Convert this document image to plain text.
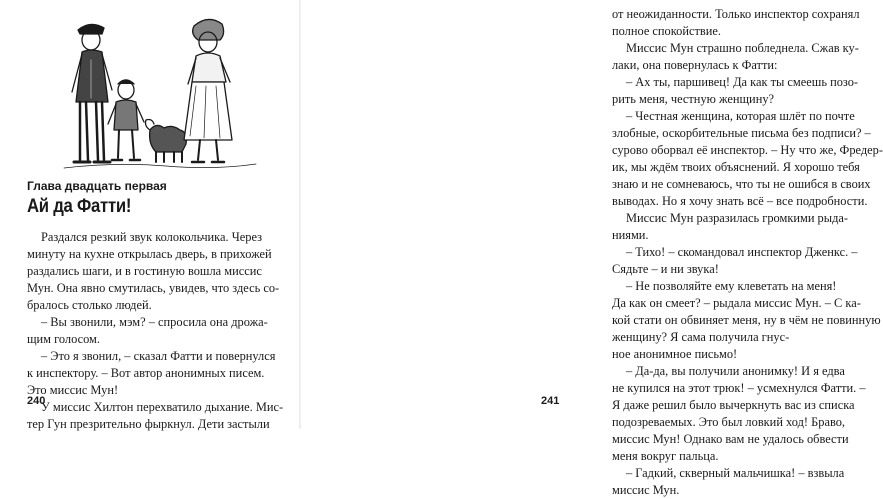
Глава двадцать первая
Ай да Фатти!
Раздался резкий звук колокольчика. Через
минуту на кухне открылась дверь, в прихожей
раздались шаги, и в гостиную вошла миссис
Мун. Она явно смутилась, увидев, что здесь со-
бралось столько людей.
– Вы звонили, мэм? – спросила она дрожа-
щим голосом.
– Это я звонил, – сказал Фатти и повернулся
к инспектору. – Вот автор анонимных писем.
Это миссис Мун!
У миссис Хилтон перехватило дыхание. Мис-
тер Гун презрительно фыркнул. Дети застыли
240
от неожиданности. Только инспектор сохранял
полное спокойствие.
Миссис Мун страшно побледнела. Сжав ку-
лаки, она повернулась к Фатти:
– Ах ты, паршивец! Да как ты смеешь позо-
рить меня, честную женщину?
– Честная женщина, которая шлёт по почте
злобные, оскорбительные письма без подписи? –
сурово оборвал её инспектор. – Ну что же, Фредер-
ик, мы ждём твоих объяснений. Я хорошо тебя
знаю и не сомневаюсь, что ты не ошибся в своих
выводах. Но я хочу знать всё – все подробности.
Миссис Мун разразилась громкими рыда-
ниями.
– Тихо! – скомандовал инспектор Дженкс. –
Сядьте – и ни звука!
– Не позволяйте ему клеветать на меня!
Да как он смеет? – рыдала миссис Мун. – С ка-
кой стати он обвиняет меня, ну в чём не повинную
женщину? Я сама получила гнус-
ное анонимное письмо!
– Да-да, вы получили анонимку! И я едва
не купился на этот трюк! – усмехнулся Фатти. –
Я даже решил было вычеркнуть вас из списка
подозреваемых. Это был ловкий ход! Браво,
миссис Мун! Однако вам не удалось обвести
меня вокруг пальца.
– Гадкий, скверный мальчишка! – взвыла
миссис Мун.
241
